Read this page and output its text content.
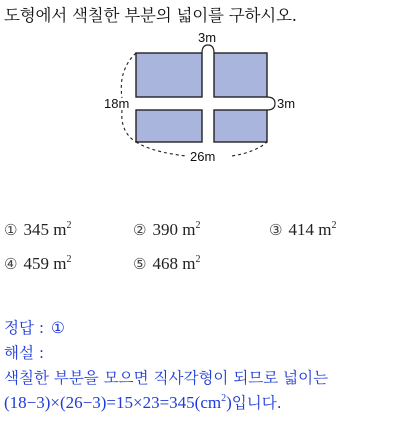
도형에서 색칠한 부분의 넓이를 구하시오.
3m
18m	3m
26m
① 345 $m^2$	② 390 $m^2$	③ 414 $m^2$
④ 459 $m^2$	⑤ 468 $m^2$
정답 : ①
해설 :
색칠한 부분을 모으면 직사각형이 되므로 넓이는
$(18-3)\times(26-3)=15\times 23=345(cm^2)$입니다.
